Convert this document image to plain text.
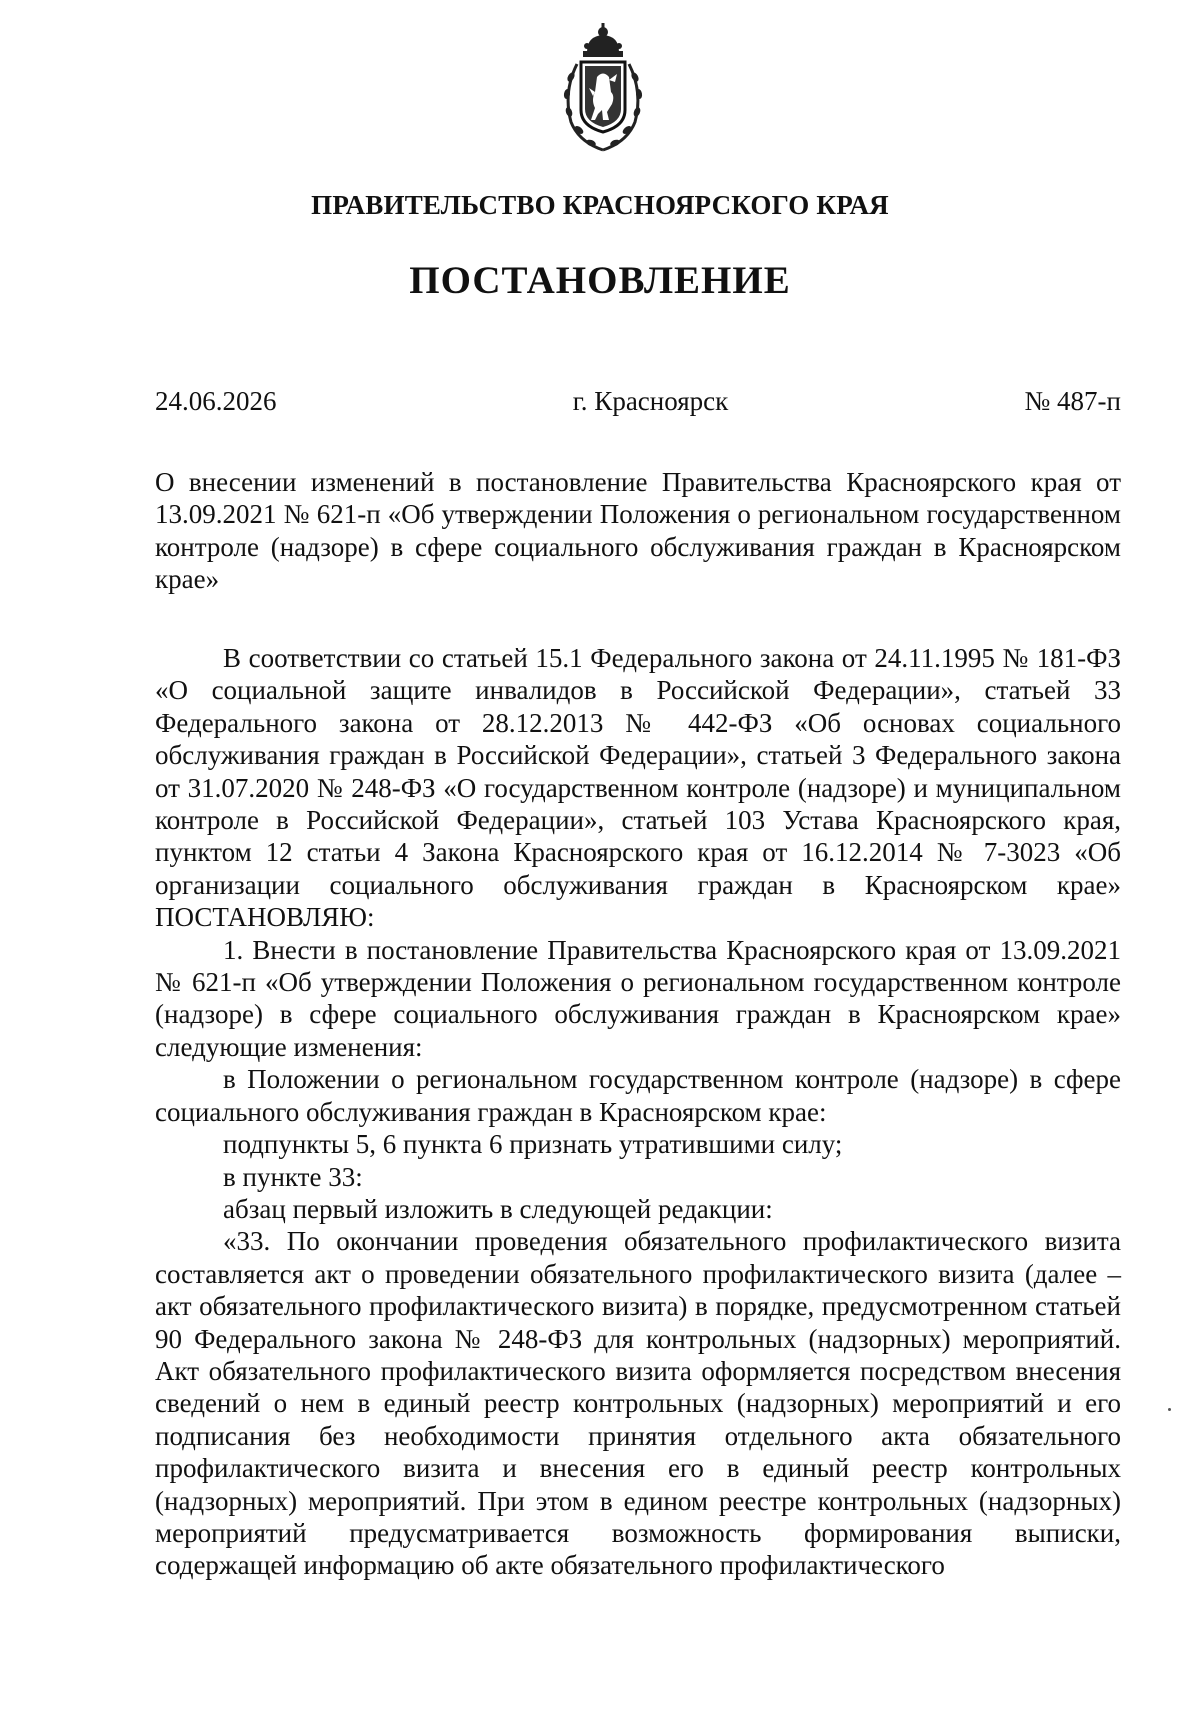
ПРАВИТЕЛЬСТВО КРАСНОЯРСКОГО КРАЯ
ПОСТАНОВЛЕНИЕ
24.06.2026	г. Красноярск	№ 487-п
О внесении изменений в постановление Правительства Красноярского края от 13.09.2021 № 621-п «Об утверждении Положения о региональном государственном контроле (надзоре) в сфере социального обслуживания граждан в Красноярском крае»

В соответствии со статьей 15.1 Федерального закона от 24.11.1995 № 181-ФЗ «О социальной защите инвалидов в Российской Федерации», статьей 33 Федерального закона от 28.12.2013 № 442-ФЗ «Об основах социального обслуживания граждан в Российской Федерации», статьей 3 Федерального закона от 31.07.2020 № 248-ФЗ «О государственном контроле (надзоре) и муниципальном контроле в Российской Федерации», статьей 103 Устава Красноярского края, пунктом 12 статьи 4 Закона Красноярского края от 16.12.2014 № 7-3023 «Об организации социального обслуживания граждан в Красноярском крае» ПОСТАНОВЛЯЮ:

1. Внести в постановление Правительства Красноярского края от 13.09.2021 № 621-п «Об утверждении Положения о региональном государственном контроле (надзоре) в сфере социального обслуживания граждан в Красноярском крае» следующие изменения:

в Положении о региональном государственном контроле (надзоре) в сфере социального обслуживания граждан в Красноярском крае:

подпункты 5, 6 пункта 6 признать утратившими силу;

в пункте 33:

абзац первый изложить в следующей редакции:

«33. По окончании проведения обязательного профилактического визита составляется акт о проведении обязательного профилактического визита (далее – акт обязательного профилактического визита) в порядке, предусмотренном статьей 90 Федерального закона № 248-ФЗ для контрольных (надзорных) мероприятий. Акт обязательного профилактического визита оформляется посредством внесения сведений о нем в единый реестр контрольных (надзорных) мероприятий и его подписания без необходимости принятия отдельного акта обязательного профилактического визита и внесения его в единый реестр контрольных (надзорных) мероприятий. При этом в едином реестре контрольных (надзорных) мероприятий предусматривается возможность формирования выписки, содержащей информацию об акте обязательного профилактического
